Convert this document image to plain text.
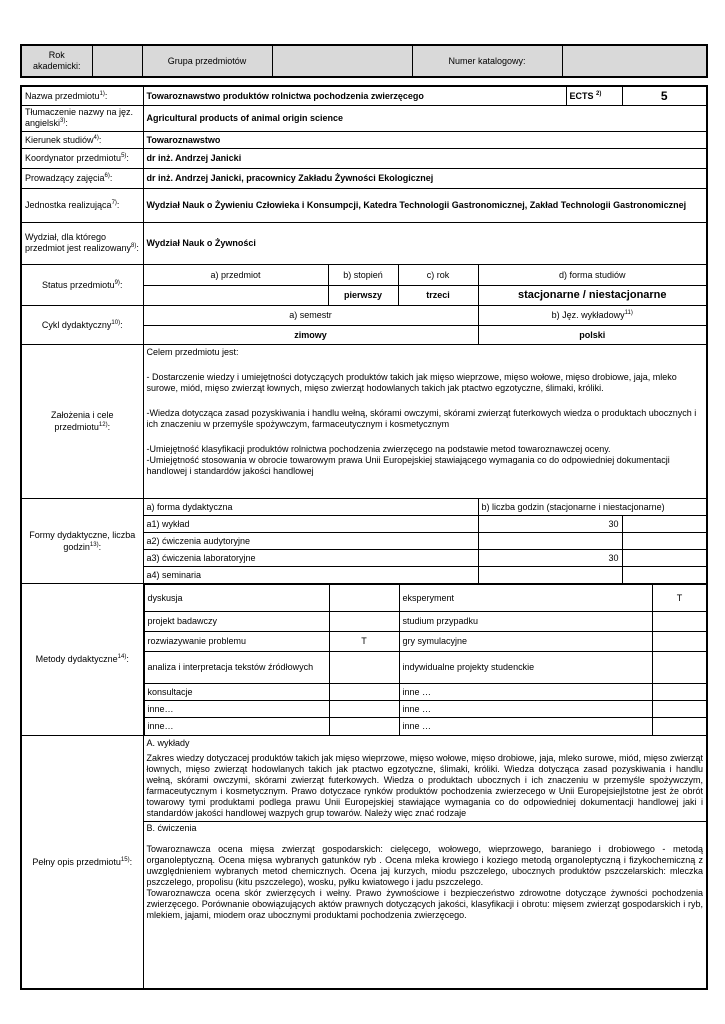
Rok akademicki:		Grupa przedmiotów		Numer katalogowy:	
Nazwa przedmiotu$^{1)}$:	Towaroznawstwo produktów rolnictwa pochodzenia zwierzęcego	ECTS $^{2)}$	5
Tłumaczenie nazwy na jęz. angielski$^{3)}$:	Agricultural products of animal origin science
Kierunek studiów$^{4)}$:	Towaroznawstwo
Koordynator przedmiotu$^{5)}$:	dr inż. Andrzej Janicki
Prowadzący zajęcia$^{6)}$:	dr inż. Andrzej Janicki, pracownicy Zakładu Żywności Ekologicznej
Jednostka realizująca$^{7)}$:	Wydział Nauk o Żywieniu Człowieka i Konsumpcji, Katedra Technologii Gastronomicznej, Zakład Technologii Gastronomicznej
Wydział, dla którego przedmiot jest realizowany$^{8)}$:	Wydział Nauk o Żywności
Status przedmiotu$^{9)}$:	a) przedmiot	b) stopień	c) rok	d) forma studiów
	pierwszy	trzeci	stacjonarne / niestacjonarne
Cykl dydaktyczny$^{10)}$:	a) semestr	b) Jęz. wykładowy$^{11)}$
zimowy	polski
Założenia i cele przedmiotu$^{12)}$:	

Celem przedmiotu jest:

- Dostarczenie wiedzy i umiejętności dotyczących produktów takich jak mięso wieprzowe, mięso wołowe, mięso drobiowe, jaja, mleko surowe, miód, mięso zwierząt łownych, mięso zwierząt hodowlanych takich jak ptactwo egzotyczne, ślimaki, króliki.

-Wiedza dotycząca zasad pozyskiwania i handlu wełną, skórami owczymi, skórami zwierząt futerkowych wiedza o produktach ubocznych i ich znaczeniu w przemyśle spożywczym, farmaceutycznym i kosmetycznym

-Umiejętność klasyfikacji produktów rolnictwa pochodzenia zwierzęcego na podstawie metod towaroznawczej oceny.

-Umiejętność stosowania w obrocie towarowym prawa Unii Europejskiej stawiającego wymagania co do odpowiedniej dokumentacji handlowej i standardów jakości handlowej

Formy dydaktyczne, liczba godzin$^{13)}$:	a) forma dydaktyczna	b) liczba godzin (stacjonarne i niestacjonarne)
a1) wykład	30	
a2) ćwiczenia audytoryjne		
a3) ćwiczenia laboratoryjne	30	
a4) seminaria		
Metody dydaktyczne$^{14)}$:	
dyskusja		eksperyment	T
projekt badawczy		studium przypadku	
rozwiazywanie problemu	T	gry symulacyjne	
analiza i interpretacja tekstów źródłowych		indywidualne projekty studenckie	
konsultacje		inne …	
inne…		inne …	
inne…		inne …	

Pełny opis przedmiotu$^{15)}$:	

A. wykłady

Zakres wiedzy dotyczacej produktów takich jak mięso wieprzowe, mięso wołowe, mięso drobiowe, jaja, mleko surowe, miód, mięso zwierząt łownych, mięso zwierząt hodowlanych takich jak ptactwo egzotyczne, ślimaki, króliki. Wiedza dotycząca zasad pozyskiwania i handlu wełną, skórami owczymi, skórami zwierząt futerkowych. Wiedza o produktach ubocznych i ich znaczeniu w przemyśle spożywczym, farmaceutycznym i kosmetycznym. Prawo dotyczace rynków produktów pochodzenia zwierzecego w Unii Europejsiejlstotne jest że obrót towarowy tymi produktami podlega prawu Unii Europejskiej stawiające wymagania co do odpowiedniej dokumentacji handlowej jaki i standardów jakości handlowej wazpych grup towarów. Należy więc znać rodzaje

B. ćwiczenia

Towaroznawcza ocena mięsa zwierząt gospodarskich: cielęcego, wołowego, wieprzowego, baraniego i drobiowego - metodą organoleptyczną. Ocena mięsa wybranych gatunków ryb . Ocena mleka krowiego i koziego metodą organoleptyczną i fizykochemiczną z uwzględnieniem wybranych metod chemicznych. Ocena jaj kurzych, miodu pszczelego, ubocznych produktów pszczelarskich: mleczka pszczelego, propolisu (kitu pszczelego), wosku, pyłku kwiatowego i jadu pszczelego.

Towaroznawcza ocena skór zwierzęcych i wełny. Prawo żywnościowe i bezpieczeństwo zdrowotne dotyczące żywności pochodzenia zwierzęcego. Porównanie obowiązujących aktów prawnych dotyczących jakości, klasyfikacji i obrotu: mięsem zwierząt gospodarskich i ryb, mlekiem, jajami, miodem oraz ubocznymi produktami pochodzenia zwierzęcego.
